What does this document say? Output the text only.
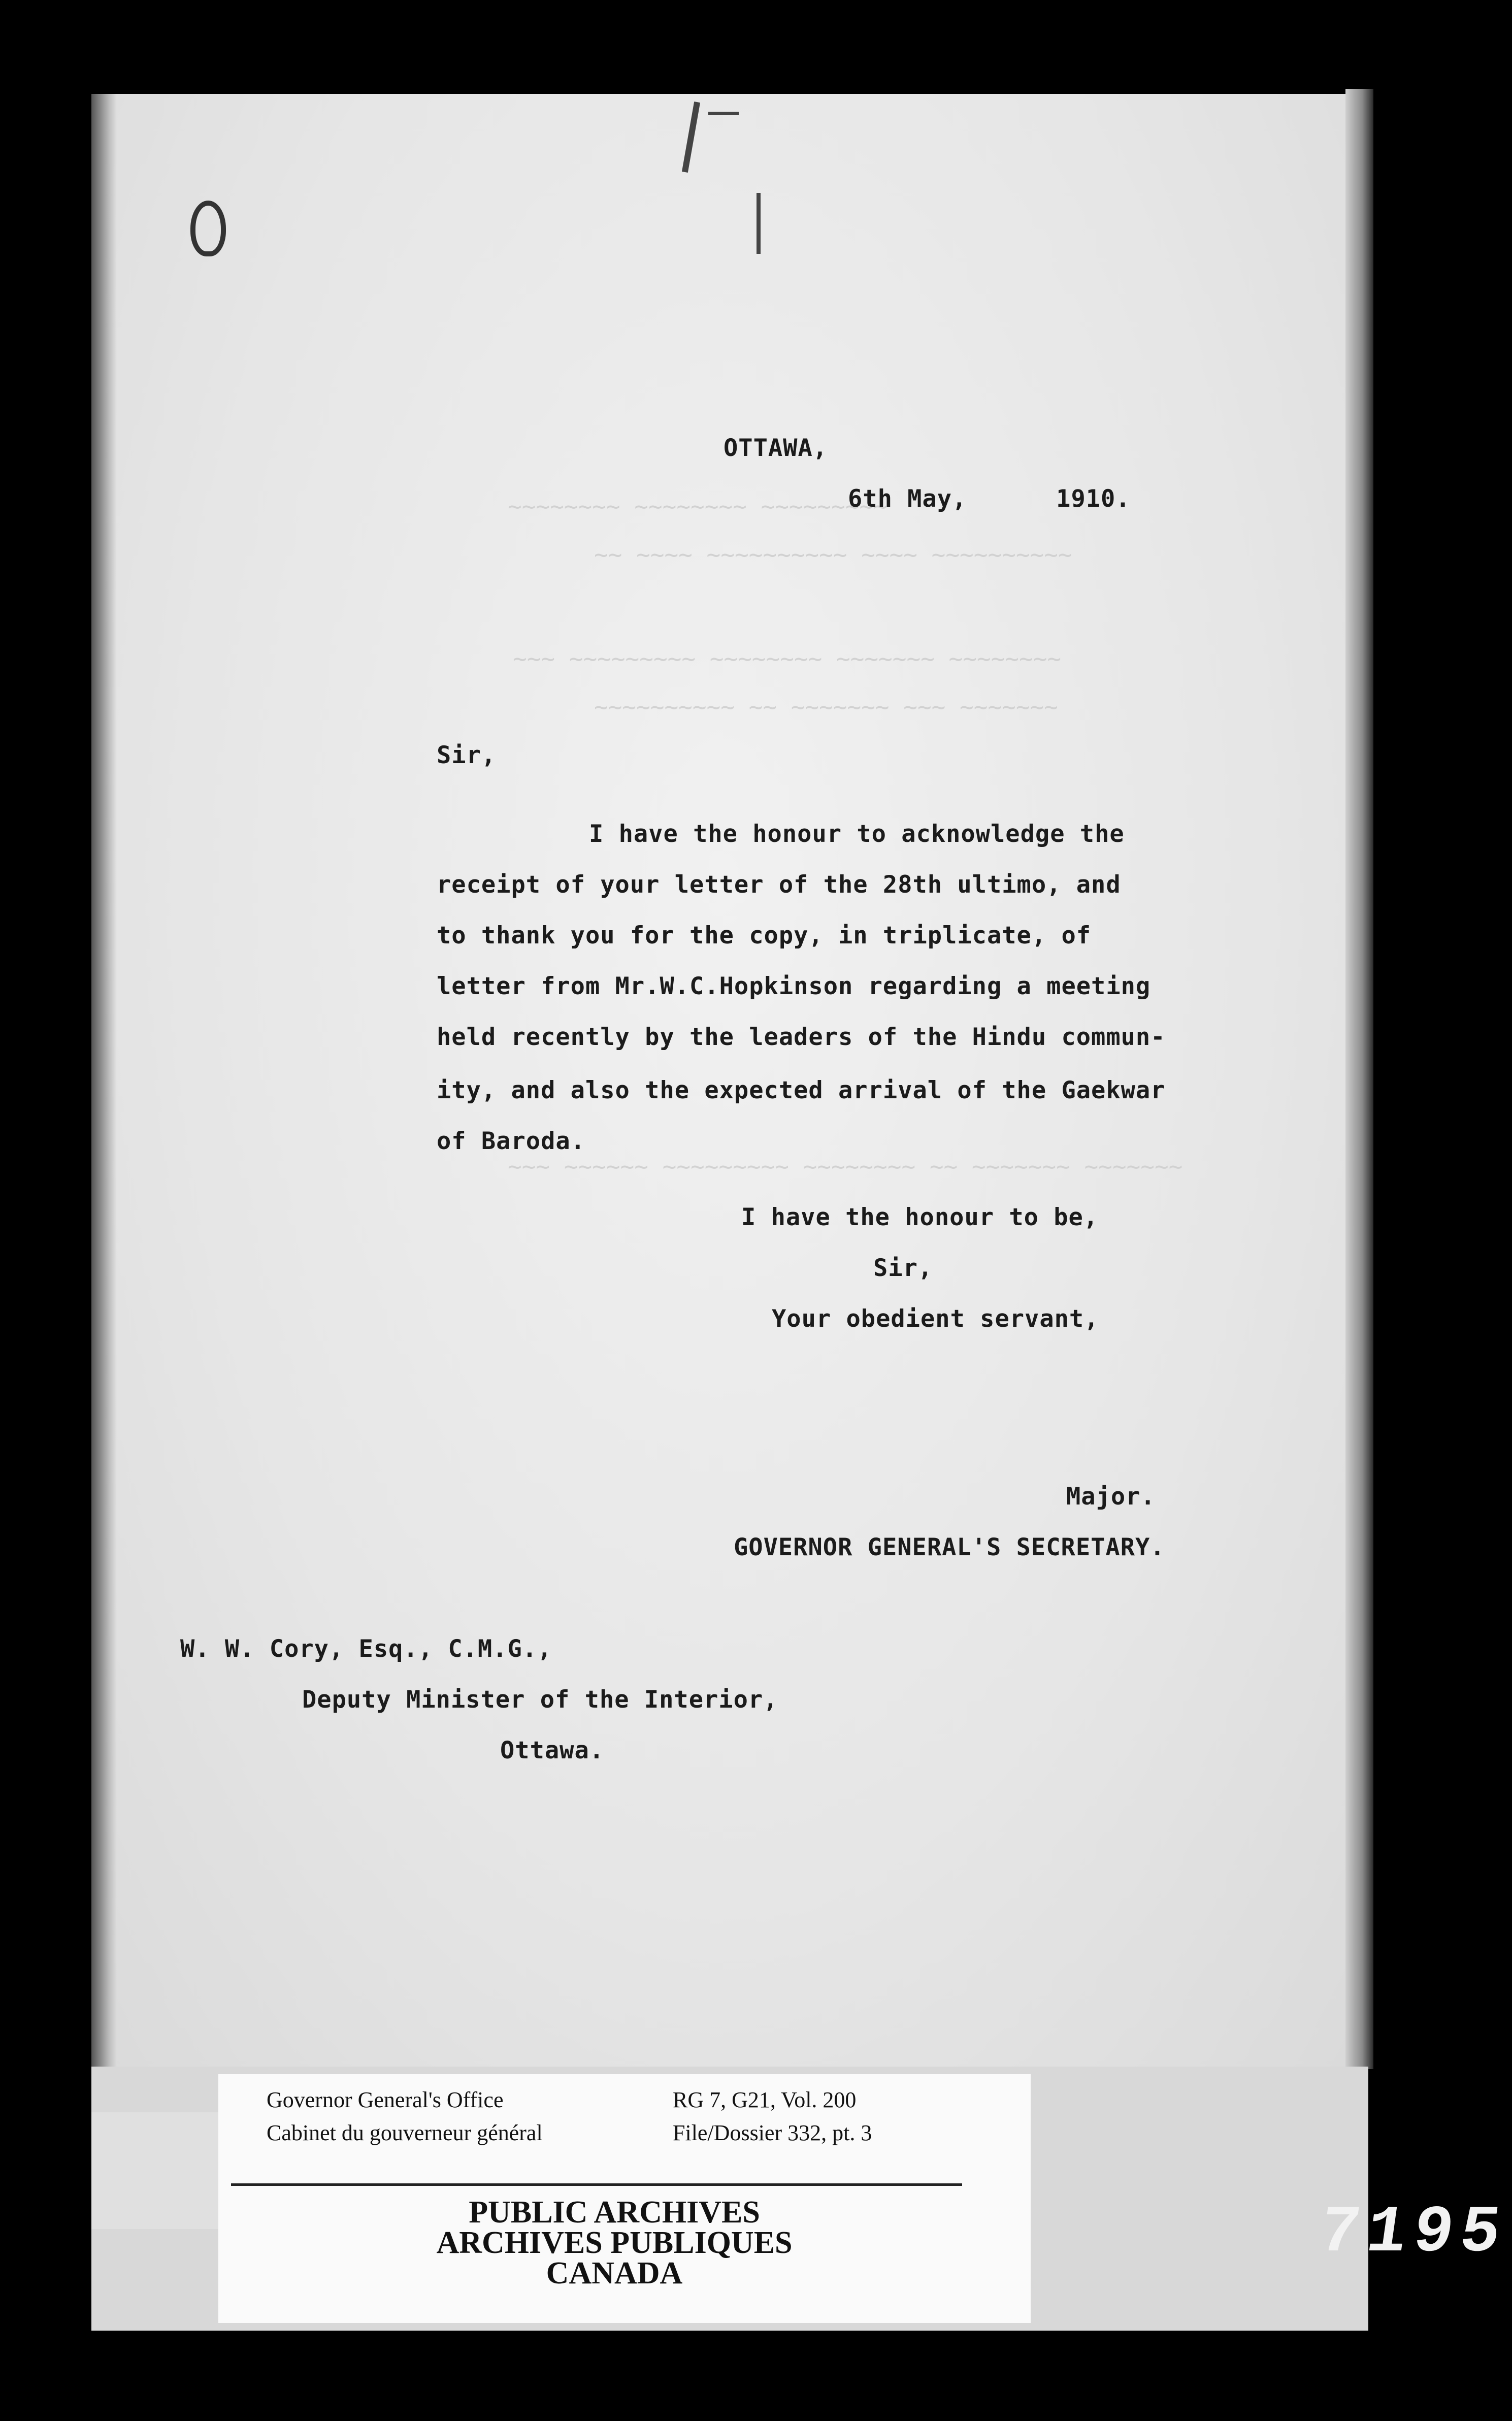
~~~~~~~~ ~~~~~~~~ ~~~~~~~~~
~~ ~~~~ ~~~~~~~~~~ ~~~~ ~~~~~~~~~~
~~~ ~~~~~~~~~ ~~~~~~~~ ~~~~~~~ ~~~~~~~~
~~~~~~~~~~ ~~ ~~~~~~~ ~~~ ~~~~~~~
~~~ ~~~~~~ ~~~~~~~~~ ~~~~~~~~ ~~ ~~~~~~~ ~~~~~~~
OTTAWA,
6th May,      1910.
Sir,
I have the honour to acknowledge the
receipt of your letter of the 28th ultimo, and
to thank you for the copy, in triplicate, of
letter from Mr.W.C.Hopkinson regarding a meeting
held recently by the leaders of the Hindu commun-
ity, and also the expected arrival of the Gaekwar
of Baroda.
I have the honour to be,
Sir,
Your obedient servant,
Major.
GOVERNOR GENERAL'S SECRETARY.
W. W. Cory, Esq., C.M.G.,
Deputy Minister of the Interior,
Ottawa.
Governor General's Office
Cabinet du gouverneur général
RG 7, G21, Vol. 200
File/Dossier 332, pt. 3
PUBLIC ARCHIVES
ARCHIVES PUBLIQUES
CANADA
7195
